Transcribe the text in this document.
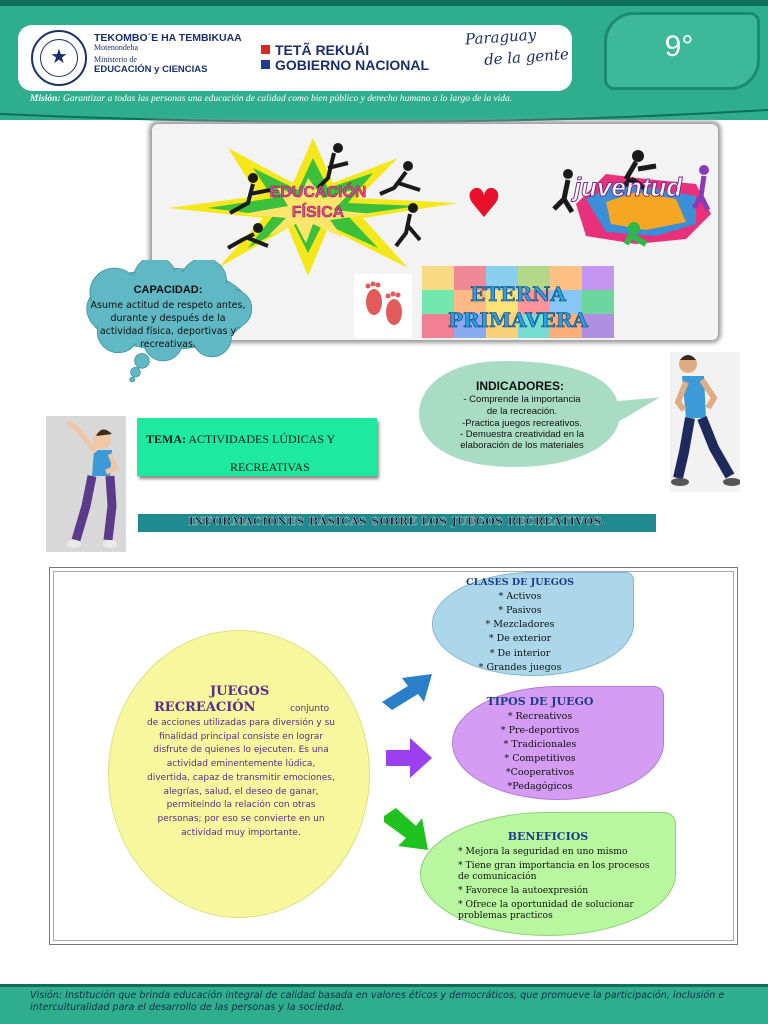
9°
★
TEKOMBO´E HA TEMBIKUAA
Motenondeha
Ministerio de
EDUCACIÓN y CIENCIAS
TETÃ REKUÁI
GOBIERNO NACIONAL
Paraguay
de la gente
Misión: Garantizar a todas las personas una educación de calidad como bien público y derecho humano a lo largo de la vida.
EDUCACIÓN
FÍSICA	♥	juventud
ETERNA
PRIMAVERA
CAPACIDAD:
Asume actitud de respeto antes, durante y después de la actividad física, deportivas y recreativas.
INDICADORES:
- Comprende la importancia
de la recreación.
-Practica juegos recreativos.
- Demuestra creatividad en la
elaboración de los materiales
TEMA: ACTIVIDADES LÚDICAS Y
RECREATIVAS
INFORMACIONES BÁSICAS SOBRE LOS JUEGOS RECREATIVOS.
JUEGOS
RECREACIÓN	conjunto
de acciones utilizadas para diversión y su finalidad principal consiste en lograr disfrute de quienes lo ejecuten. Es una actividad eminentemente lúdica, divertida, capaz de transmitir emociones, alegrías, salud, el deseo de ganar, permiteindo la relación con otras personas; por eso se convierte en un actividad muy importante.
CLASES DE JUEGOS
* Activos
* Pasivos
* Mezcladores
* De exterior
* De interior
* Grandes juegos
TIPOS DE JUEGO
* Recreativos
* Pre-deportivos
* Tradicionales
* Competitivos
*Cooperativos
*Pedagógicos
BENEFICIOS
* Mejora la seguridad en uno mismo
* Tiene gran importancia en los procesos de comunicación
* Favorece la autoexpresión
* Ofrece la oportunidad de solucionar problemas practicos
Visión: Institución que brinda educación integral de calidad basada en valores éticos y democráticos, que promueve la participación, inclusión e interculturalidad para el desarrollo de las personas y la sociedad.
